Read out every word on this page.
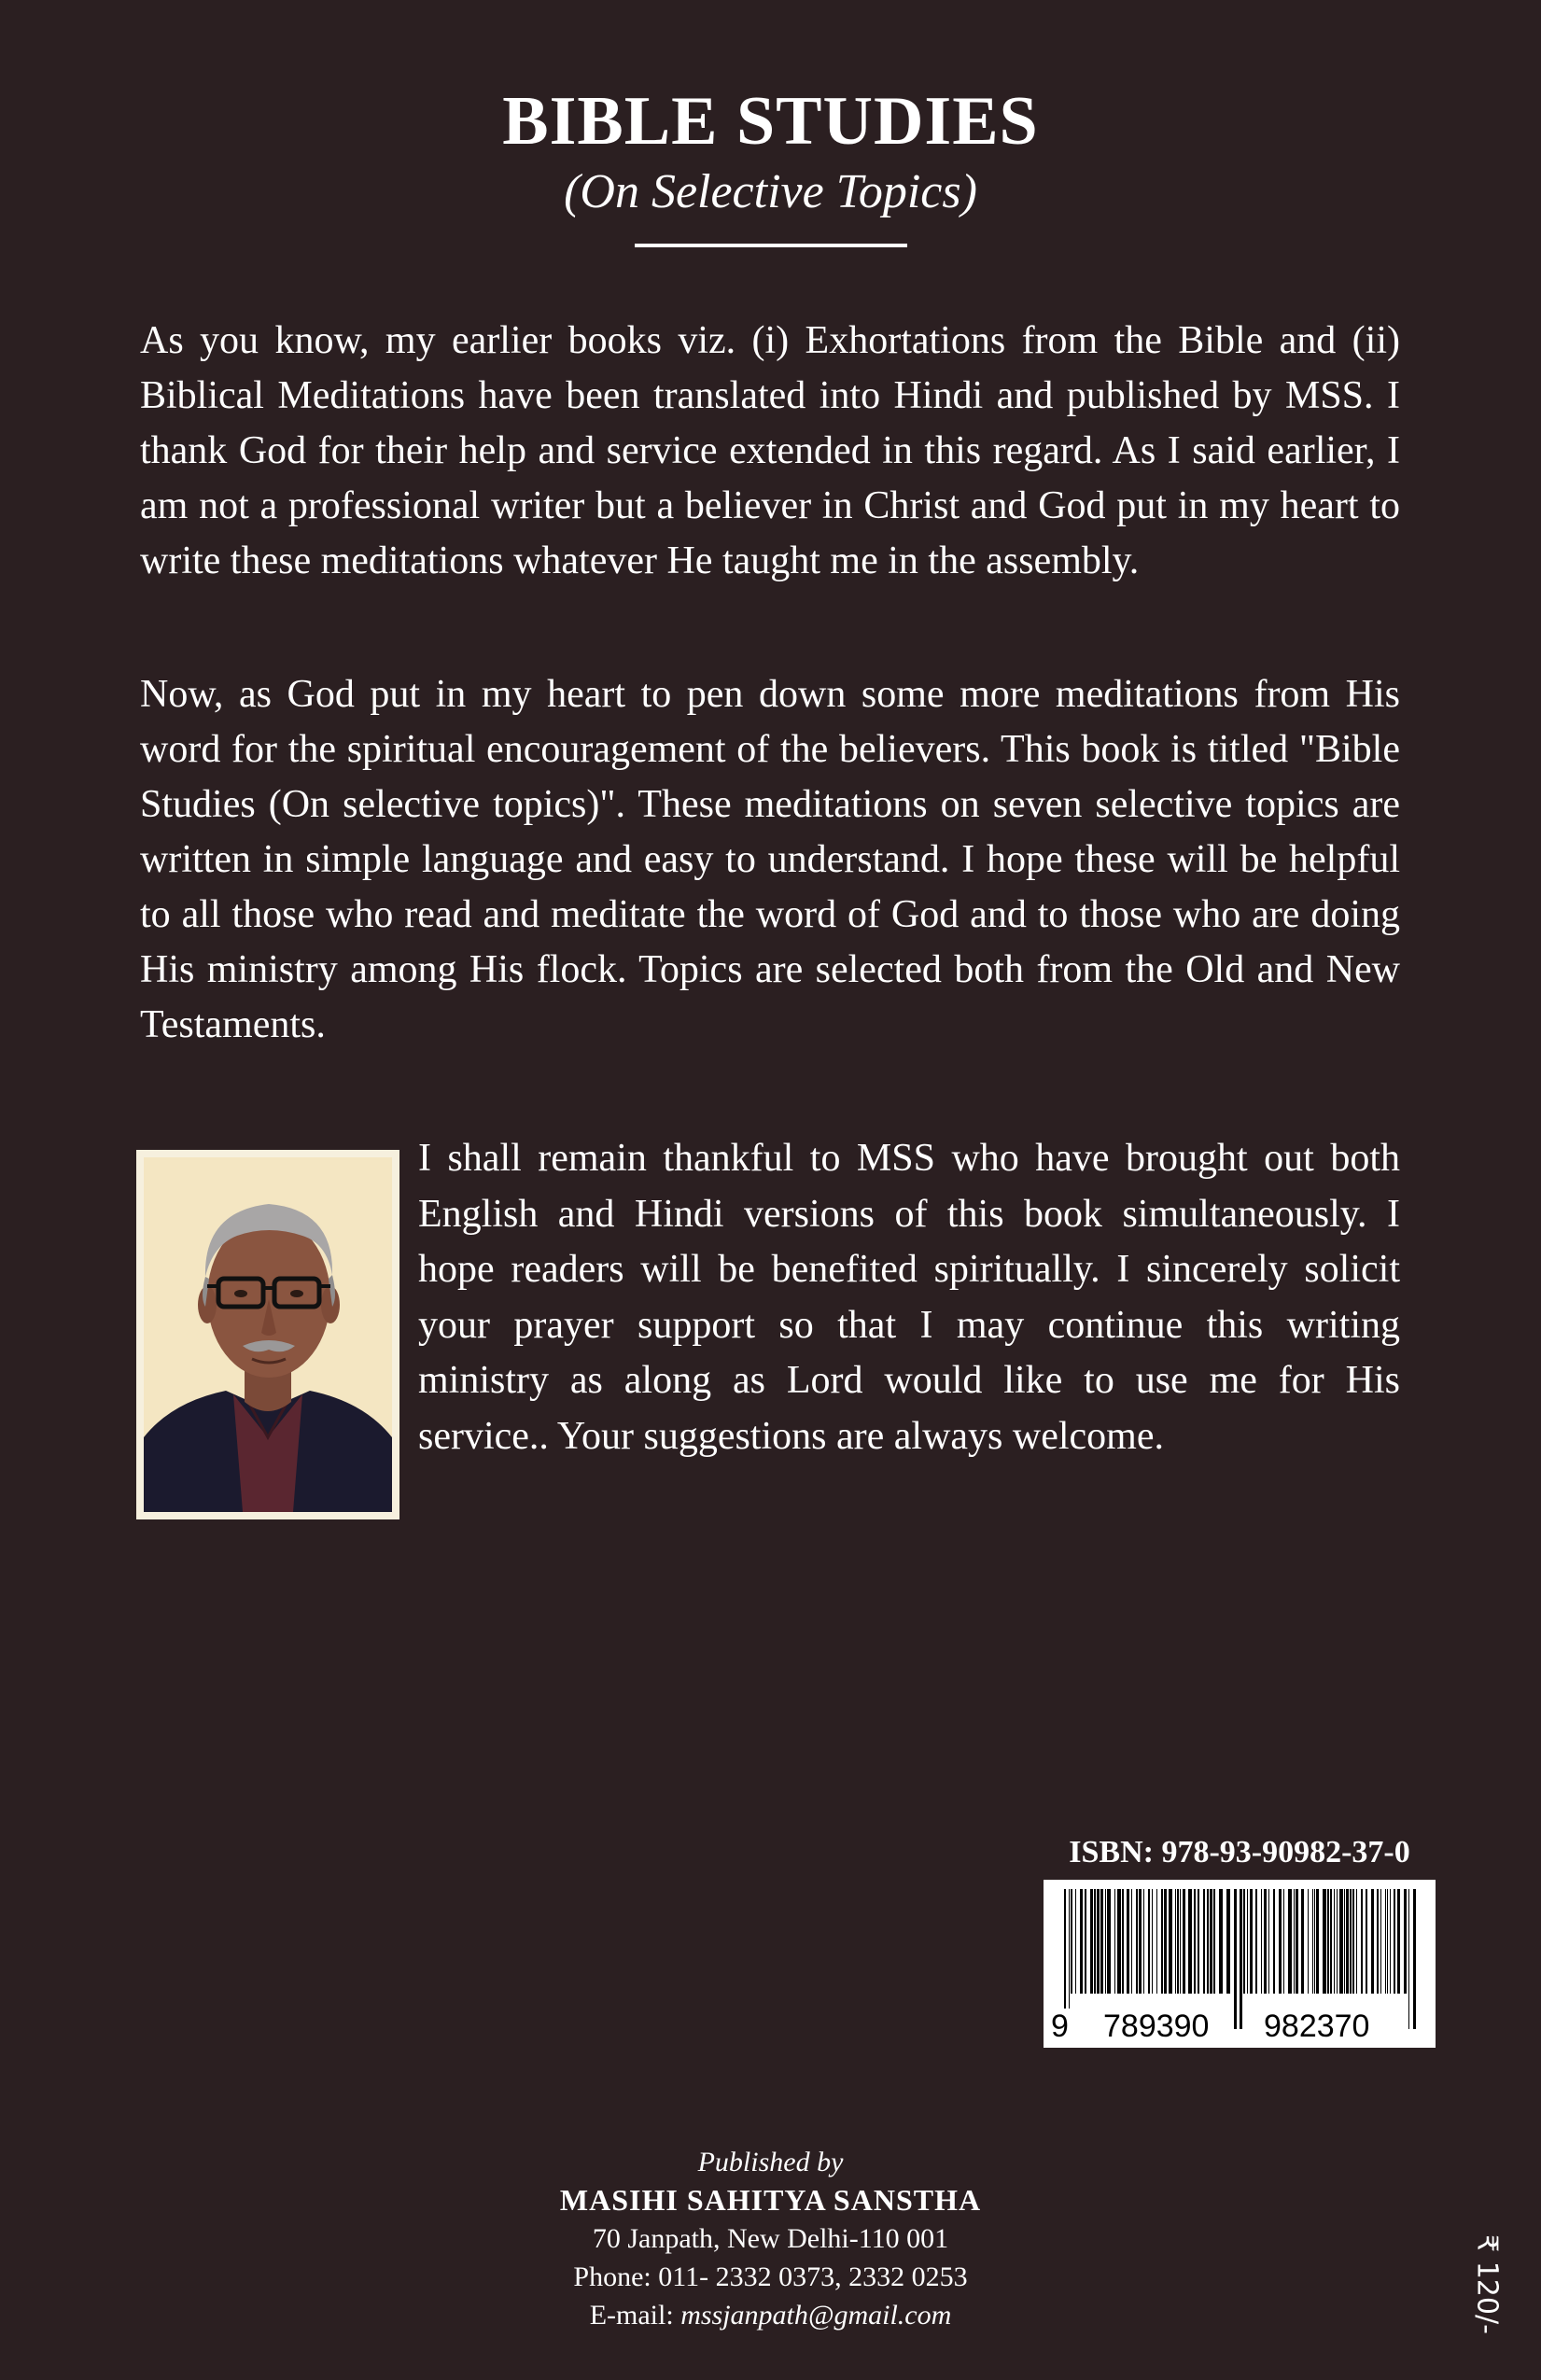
BIBLE STUDIES
(On Selective Topics)

As you know, my earlier books viz. (i) Exhortations from the Bible and (ii) Biblical Meditations have been translated into Hindi and published by MSS. I thank God for their help and service extended in this regard. As I said earlier, I am not a professional writer but a believer in Christ and God put in my heart to write these meditations whatever He taught me in the assembly.

Now, as God put in my heart to pen down some more meditations from His word for the spiritual encouragement of the believers. This book is titled "Bible Studies (On selective topics)". These meditations on seven selective topics are written in simple language and easy to understand. I hope these will be helpful to all those who read and meditate the word of God and to those who are doing His ministry among His flock. Topics are selected both from the Old and New Testaments.

I shall remain thankful to MSS who have brought out both English and Hindi versions of this book simultaneously. I hope readers will be benefited spiritually. I sincerely solicit your prayer support so that I may continue this writing ministry as along as Lord would like to use me for His service.. Your suggestions are always welcome.

ISBN: 978-93-90982-37-0
9 789390 982370
Published by
MASIHI SAHITYA SANSTHA
70 Janpath, New Delhi-110 001
Phone: 011- 2332 0373, 2332 0253
E-mail: mssjanpath@gmail.com	₹ 120/-
